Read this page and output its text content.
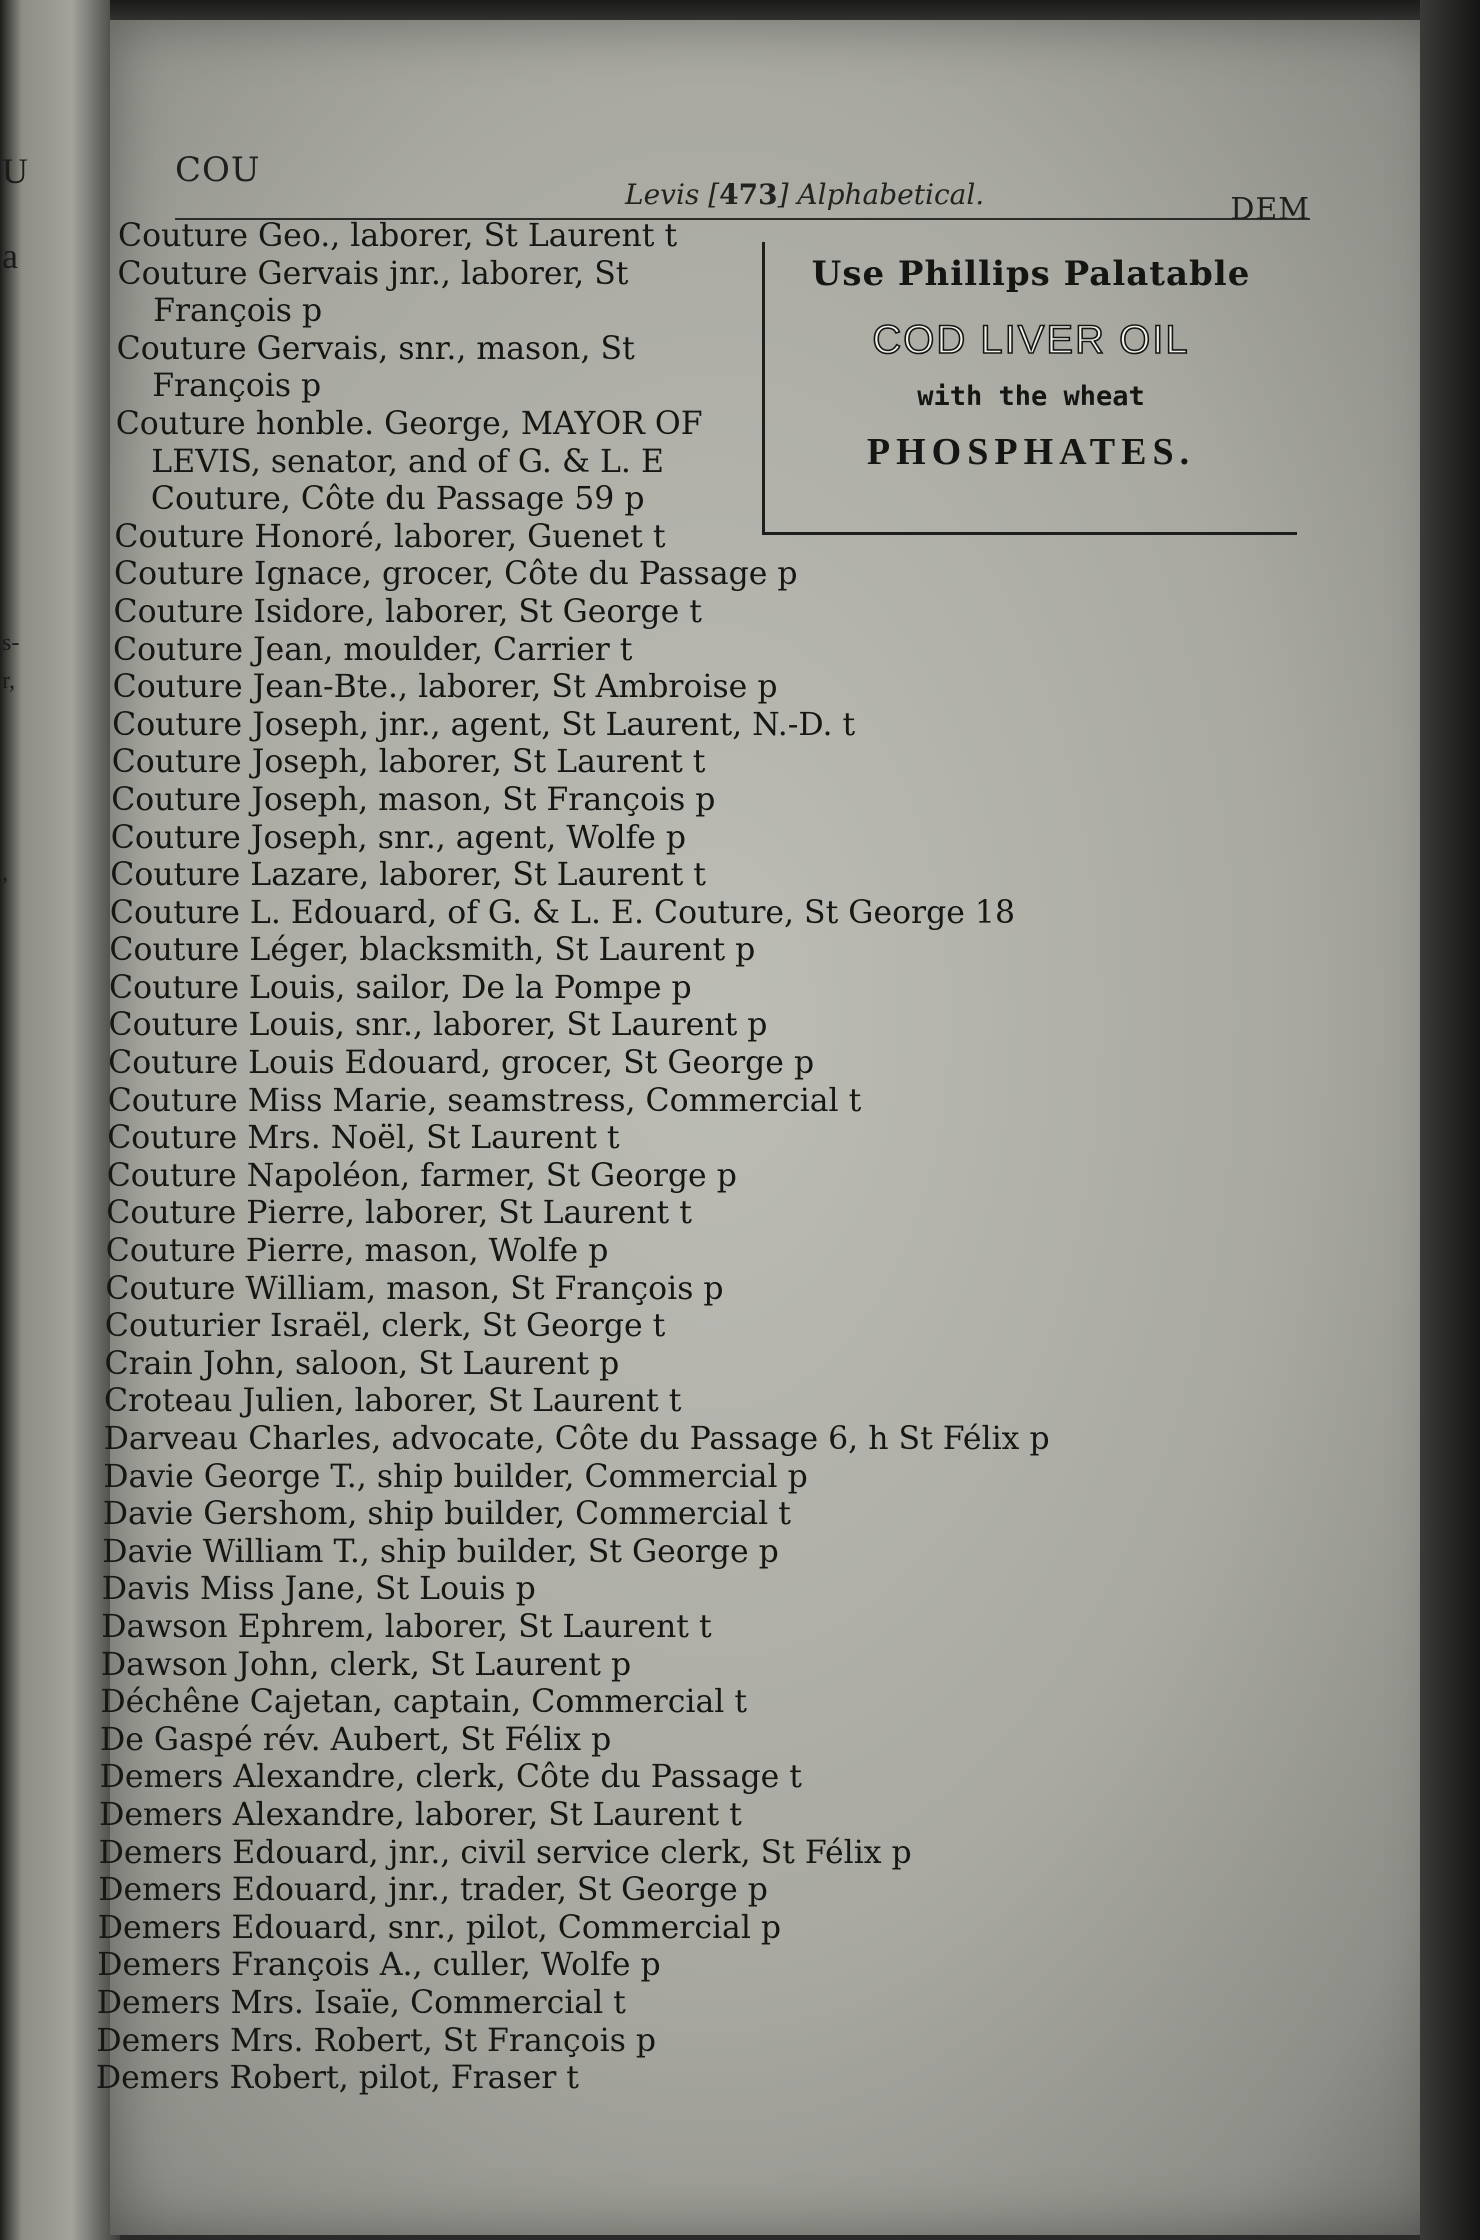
U
a
s-
r,
,
COU
Levis [473] Alphabetical.	DEM
Use Phillips Palatable
COD LIVER OIL
with the wheat
PHOSPHATES.

Couture Geo., laborer, St Laurent t

Couture Gervais jnr., laborer, St

François p

Couture Gervais, snr., mason, St

François p

Couture honble. George, MAYOR OF

LEVIS, senator, and of G. & L. E

Couture, Côte du Passage 59 p

Couture Honoré, laborer, Guenet t

Couture Ignace, grocer, Côte du Passage p

Couture Isidore, laborer, St George t

Couture Jean, moulder, Carrier t

Couture Jean-Bte., laborer, St Ambroise p

Couture Joseph, jnr., agent, St Laurent, N.-D. t

Couture Joseph, laborer, St Laurent t

Couture Joseph, mason, St François p

Couture Joseph, snr., agent, Wolfe p

Couture Lazare, laborer, St Laurent t

Couture L. Edouard, of G. & L. E. Couture, St George 18

Couture Léger, blacksmith, St Laurent p

Couture Louis, sailor, De la Pompe p

Couture Louis, snr., laborer, St Laurent p

Couture Louis Edouard, grocer, St George p

Couture Miss Marie, seamstress, Commercial t

Couture Mrs. Noël, St Laurent t

Couture Napoléon, farmer, St George p

Couture Pierre, laborer, St Laurent t

Couture Pierre, mason, Wolfe p

Couture William, mason, St François p

Couturier Israël, clerk, St George t

Crain John, saloon, St Laurent p

Croteau Julien, laborer, St Laurent t

Darveau Charles, advocate, Côte du Passage 6, h St Félix p

Davie George T., ship builder, Commercial p

Davie Gershom, ship builder, Commercial t

Davie William T., ship builder, St George p

Davis Miss Jane, St Louis p

Dawson Ephrem, laborer, St Laurent t

Dawson John, clerk, St Laurent p

Déchêne Cajetan, captain, Commercial t

De Gaspé rév. Aubert, St Félix p

Demers Alexandre, clerk, Côte du Passage t

Demers Alexandre, laborer, St Laurent t

Demers Edouard, jnr., civil service clerk, St Félix p

Demers Edouard, jnr., trader, St George p

Demers Edouard, snr., pilot, Commercial p

Demers François A., culler, Wolfe p

Demers Mrs. Isaïe, Commercial t

Demers Mrs. Robert, St François p

Demers Robert, pilot, Fraser t
